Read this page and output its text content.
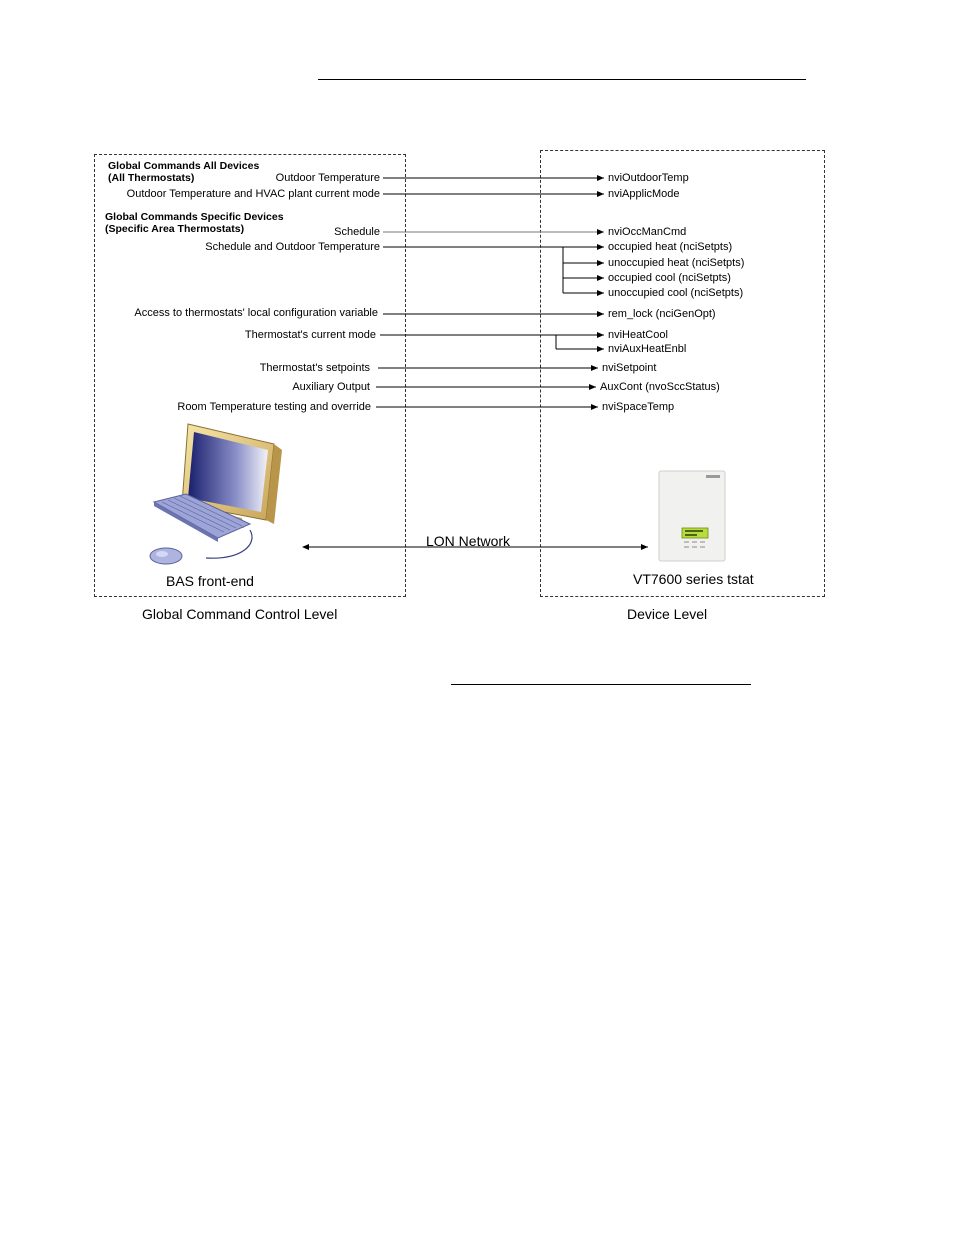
Global Commands All Devices
(All Thermostats)
Global Commands Specific Devices
(Specific Area Thermostats)
Outdoor Temperature
Outdoor Temperature and HVAC plant current mode
Schedule
Schedule and Outdoor Temperature
Access to thermostats' local configuration variable
Thermostat's current mode
Thermostat's setpoints
Auxiliary Output
Room Temperature testing and override
nviOutdoorTemp
nviApplicMode
nviOccManCmd
occupied heat (nciSetpts)
unoccupied heat (nciSetpts)
occupied cool (nciSetpts)
unoccupied cool (nciSetpts)
rem_lock (nciGenOpt)
nviHeatCool
nviAuxHeatEnbl
nviSetpoint
AuxCont (nvoSccStatus)
nviSpaceTemp
BAS front-end	VT7600 series tstat
LON Network
Global Command Control Level	Device Level
